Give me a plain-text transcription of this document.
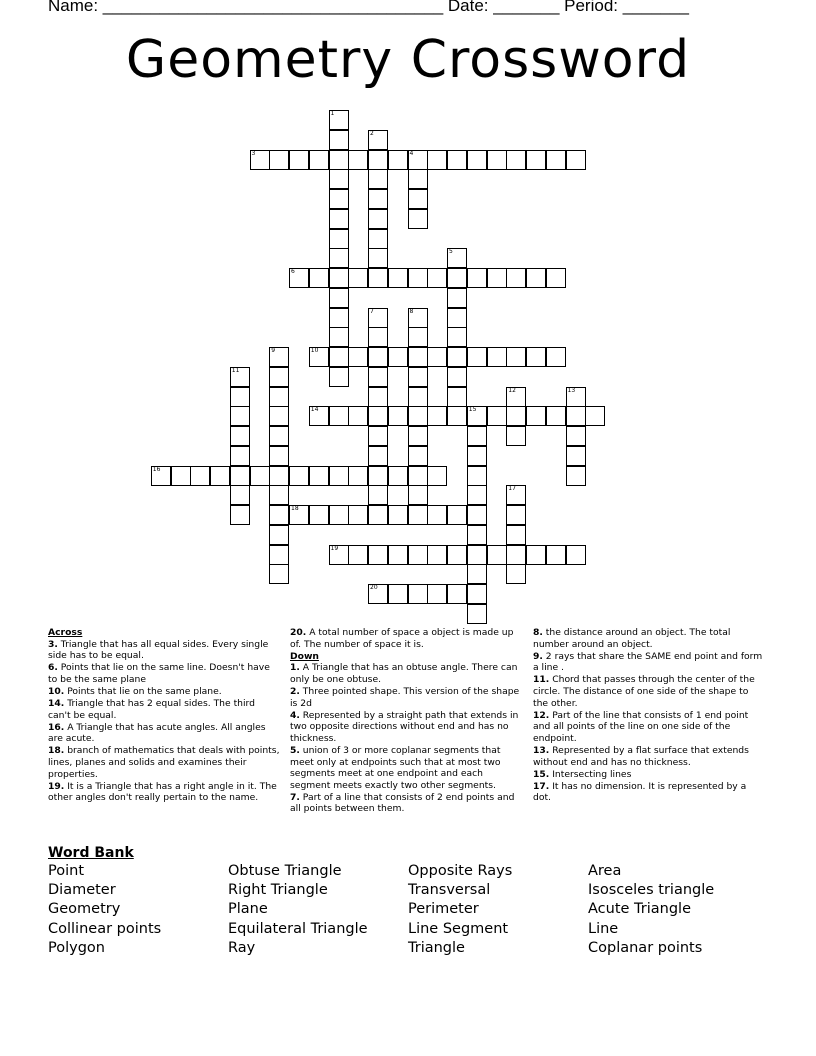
Name: ____________________________________ Date: _______ Period: _______
Geometry Crossword
1
2
3	4
5
6
7	8
9	10
11
12	13
14	15
16
17
18
19
20
Across
3. Triangle that has all equal sides. Every single side has to be equal.
6. Points that lie on the same line. Doesn't have to be the same plane
10. Points that lie on the same plane.
14. Triangle that has 2 equal sides. The third can't be equal.
16. A Triangle that has acute angles. All angles are acute.
18. branch of mathematics that deals with points, lines, planes and solids and examines their properties.
19. It is a Triangle that has a right angle in it. The other angles don't really pertain to the name.
20. A total number of space a object is made up of. The number of space it is.
Down
1. A Triangle that has an obtuse angle. There can only be one obtuse.
2. Three pointed shape. This version of the shape is 2d
4. Represented by a straight path that extends in two opposite directions without end and has no thickness.
5. union of 3 or more coplanar segments that meet only at endpoints such that at most two segments meet at one endpoint and each segment meets exactly two other segments.
7. Part of a line that consists of 2 end points and all points between them.
8. the distance around an object. The total number around an object.
9. 2 rays that share the SAME end point and form a line .
11. Chord that passes through the center of the circle. The distance of one side of the shape to the other.
12. Part of the line that consists of 1 end point and all points of the line on one side of the endpoint.
13. Represented by a flat surface that extends without end and has no thickness.
15. Intersecting lines
17. It has no dimension. It is represented by a dot.
Word Bank
Point
Diameter
Geometry
Collinear points
Polygon
Obtuse Triangle
Right Triangle
Plane
Equilateral Triangle
Ray
Opposite Rays
Transversal
Perimeter
Line Segment
Triangle
Area
Isosceles triangle
Acute Triangle
Line
Coplanar points
